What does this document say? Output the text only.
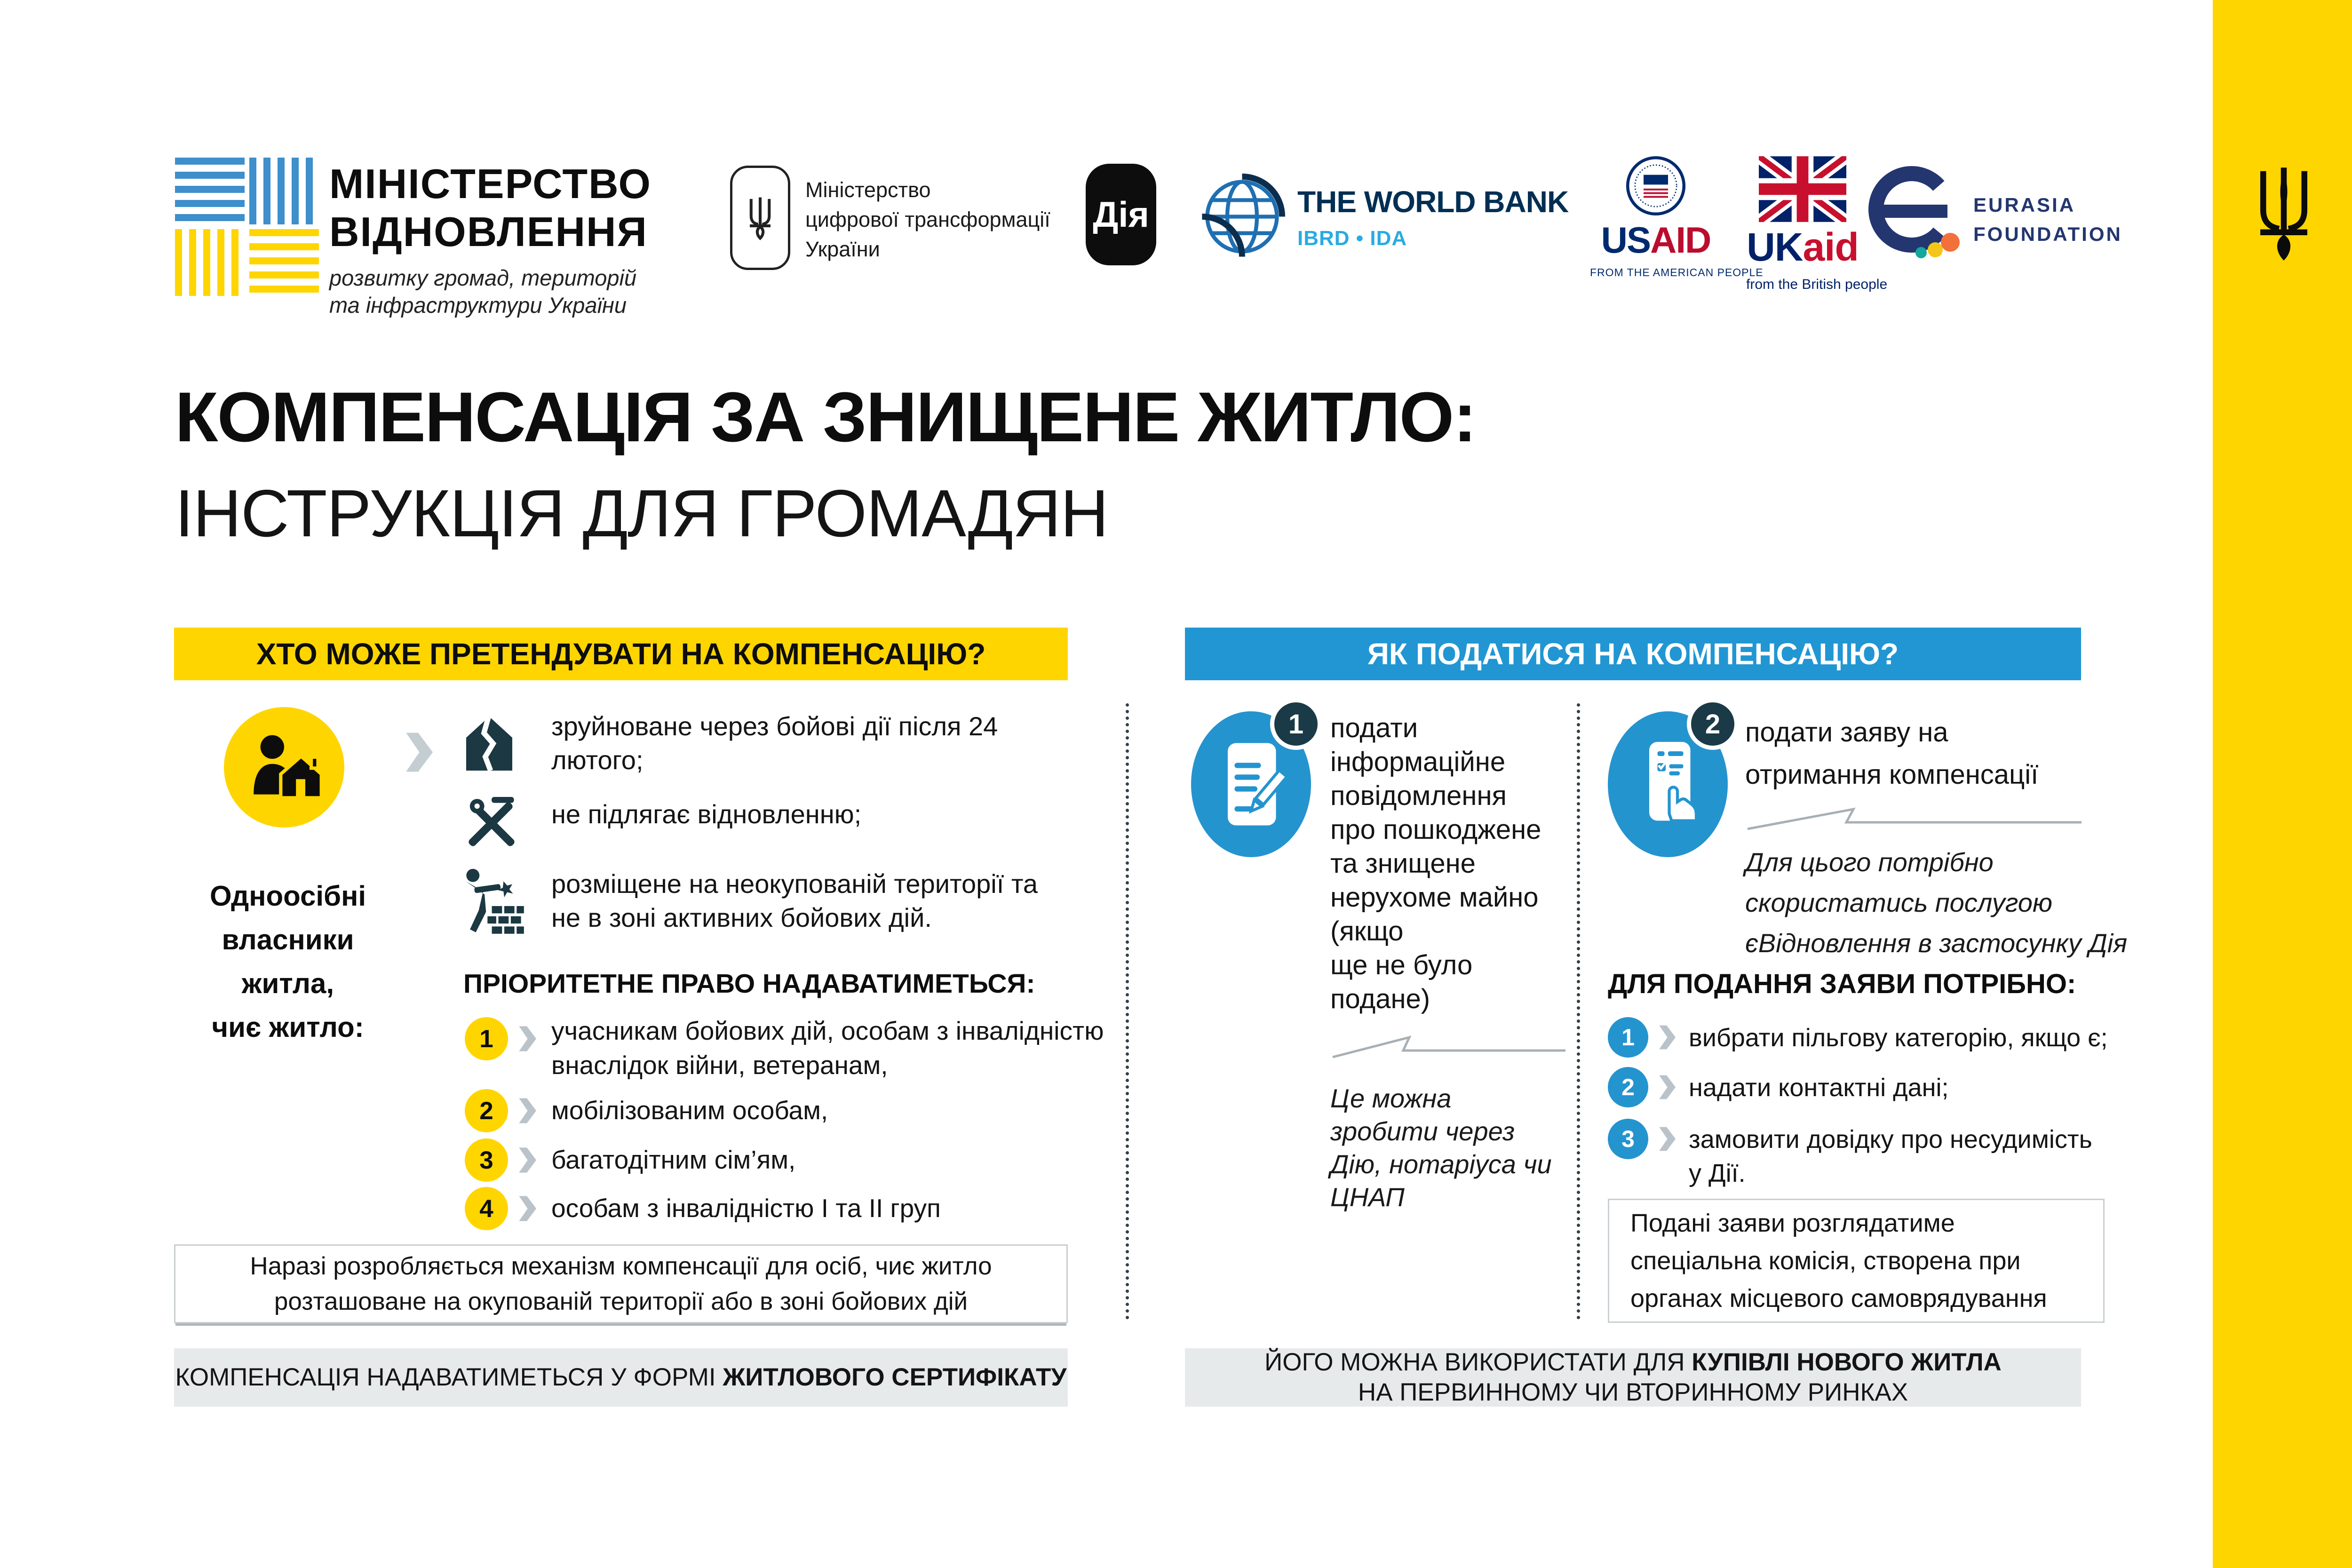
МІНІСТЕРСТВО
ВІДНОВЛЕННЯ
розвитку громад, територій
та інфраструктури України
Міністерство
цифрової трансформації
України
Дія	THE WORLD BANK
IBRD • IDA	USAID
FROM THE AMERICAN PEOPLE
UKaid
from the British people
EURASIA
FOUNDATION
КОМПЕНСАЦІЯ ЗА ЗНИЩЕНЕ ЖИТЛО:
ІНСТРУКЦІЯ ДЛЯ ГРОМАДЯН
ХТО МОЖЕ ПРЕТЕНДУВАТИ НА КОМПЕНСАЦІЮ?	ЯК ПОДАТИСЯ НА КОМПЕНСАЦІЮ?
Одноосібні
власники житла,
чиє житло:
зруйноване через бойові дії після 24 лютого;
не підлягає відновленню;
розміщене на неокупованій території та не в зоні активних бойових дій.
ПРІОРИТЕТНЕ ПРАВО НАДАВАТИМЕТЬСЯ:
1 учасникам бойових дій, особам з інвалідністю
внаслідок війни, ветеранам,
2 мобілізованим особам,
3 багатодітним сім’ям,
4 особам з інвалідністю І та ІІ груп
Наразі розробляється механізм компенсації для осіб, чиє житло
розташоване на окупованій території або в зоні бойових дій
КОМПЕНСАЦІЯ НАДАВАТИМЕТЬСЯ У ФОРМІ ЖИТЛОВОГО СЕРТИФІКАТУ
1 подати
інформаційне
повідомлення
про пошкоджене
та знищене
нерухоме майно
(якщо
ще не було
подане)
Це можна
зробити через
Дію, нотаріуса чи
ЦНАП
2 подати заяву на
отримання компенсації
Для цього потрібно
скористатись послугою
єВідновлення в застосунку Дія
ДЛЯ ПОДАННЯ ЗАЯВИ ПОТРІБНО:
1 вибрати пільгову категорію, якщо є;
2 надати контактні дані;
3 замовити довідку про несудимість
у Дії.
Подані заяви розглядатиме
спеціальна комісія, створена при
органах місцевого самоврядування
ЙОГО МОЖНА ВИКОРИСТАТИ ДЛЯ КУПІВЛІ НОВОГО ЖИТЛА
НА ПЕРВИННОМУ ЧИ ВТОРИННОМУ РИНКАХ
